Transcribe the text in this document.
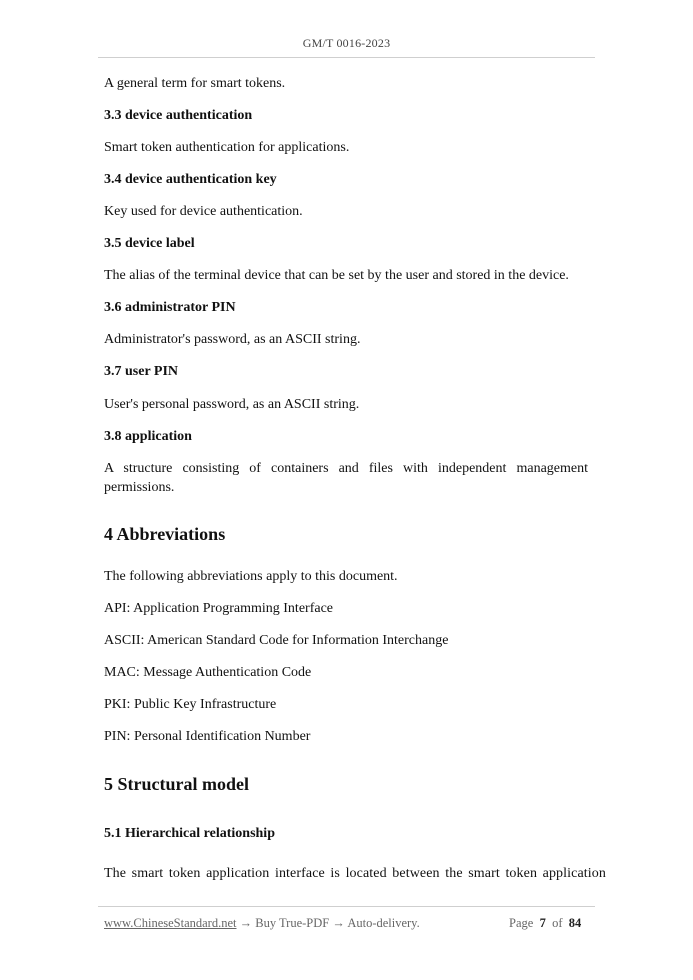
GM/T 0016-2023
A general term for smart tokens.
3.3 device authentication
Smart token authentication for applications.
3.4 device authentication key
Key used for device authentication.
3.5 device label
The alias of the terminal device that can be set by the user and stored in the device.
3.6 administrator PIN
Administrator's password, as an ASCII string.
3.7 user PIN
User's personal password, as an ASCII string.
3.8 application
A structure consisting of containers and files with independent management permissions.
4 Abbreviations
The following abbreviations apply to this document.
API: Application Programming Interface
ASCII: American Standard Code for Information Interchange
MAC: Message Authentication Code
PKI: Public Key Infrastructure
PIN: Personal Identification Number
5 Structural model
5.1 Hierarchical relationship
The smart token application interface is located between the smart token application
www.ChineseStandard.net → Buy True-PDF → Auto-delivery.	Page 7 of 84
